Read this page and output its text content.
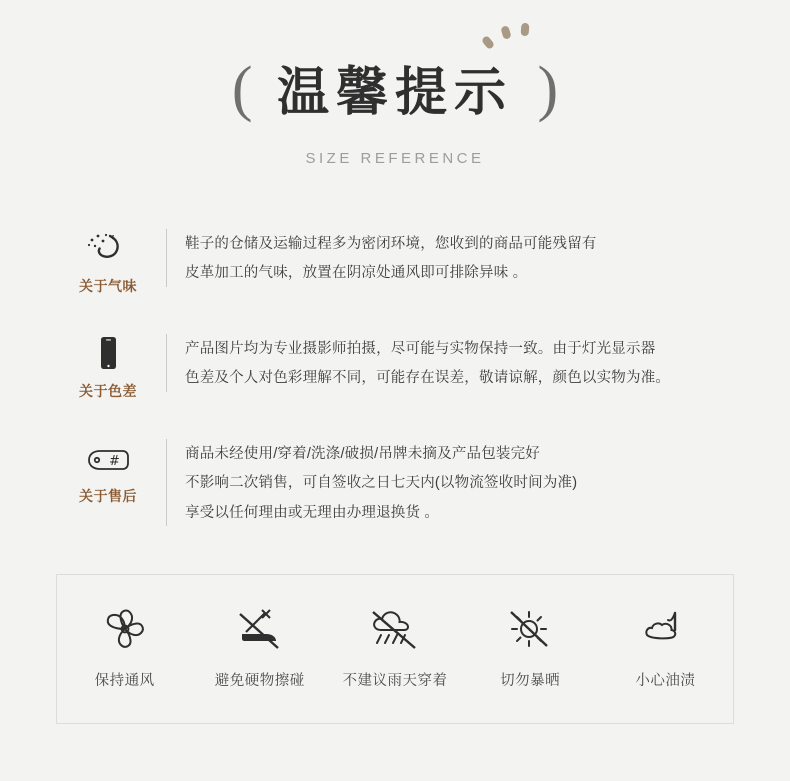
( 温馨提示 )
SIZE REFERENCE
关于气味

鞋子的仓储及运输过程多为密闭环境，您收到的商品可能残留有

皮革加工的气味，放置在阴凉处通风即可排除异味 。

关于色差

产品图片均为专业摄影师拍摄，尽可能与实物保持一致。由于灯光显示器

色差及个人对色彩理解不同，可能存在误差，敬请谅解，颜色以实物为准。

#
关于售后

商品未经使用/穿着/洗涤/破损/吊牌未摘及产品包装完好

不影响二次销售，可自签收之日七天内(以物流签收时间为准)

享受以任何理由或无理由办理退换货 。

保持通风	避免硬物擦碰	不建议雨天穿着	切勿暴晒	小心油渍
